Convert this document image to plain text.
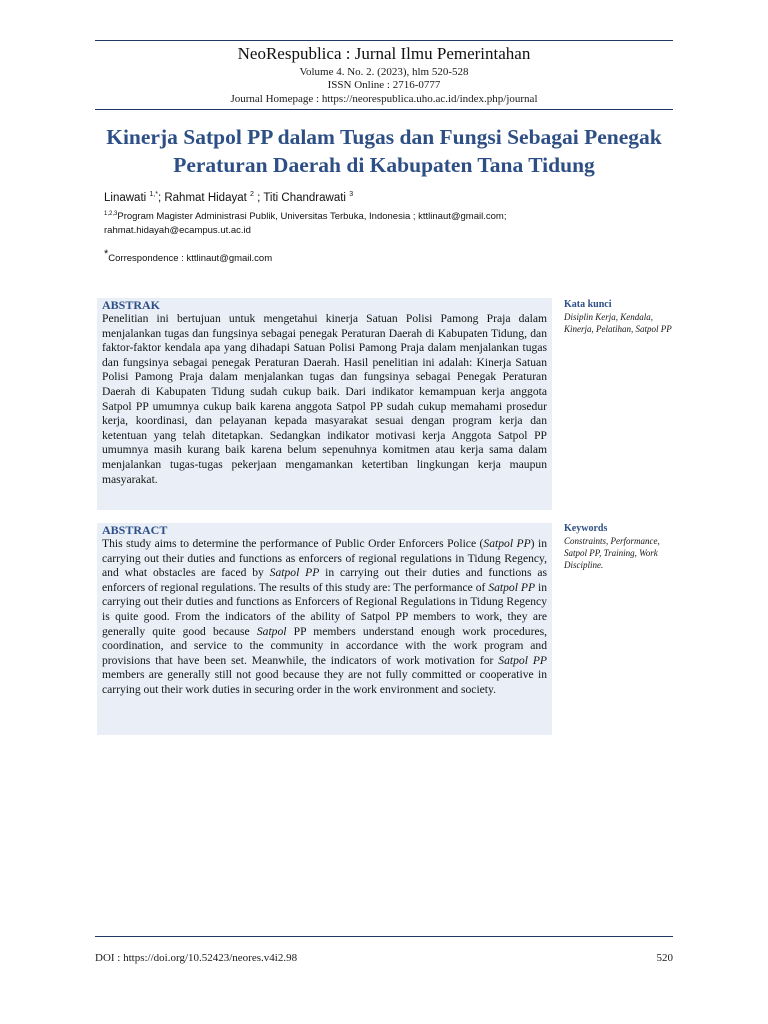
NeoRespublica : Jurnal Ilmu Pemerintahan
Volume 4. No. 2. (2023), hlm 520-528
ISSN Online : 2716-0777
Journal Homepage : https://neorespublica.uho.ac.id/index.php/journal
Kinerja Satpol PP dalam Tugas dan Fungsi Sebagai Penegak
Peraturan Daerah di Kabupaten Tana Tidung
Linawati $^{1,*}$; Rahmat Hidayat $^2$ ; Titi Chandrawati $^3$
$^{1,2,3}$Program Magister Administrasi Publik, Universitas Terbuka, Indonesia ; kttlinaut@gmail.com;
rahmat.hidayah@ecampus.ut.ac.id
*Correspondence : kttlinaut@gmail.com
ABSTRAK
Penelitian ini bertujuan untuk mengetahui kinerja Satuan Polisi Pamong Praja dalam menjalankan tugas dan fungsinya sebagai penegak Peraturan Daerah di Kabupaten Tidung, dan faktor-faktor kendala apa yang dihadapi Satuan Polisi Pamong Praja dalam menjalankan tugas dan fungsinya sebagai penegak Peraturan Daerah. Hasil penelitian ini adalah: Kinerja Satuan Polisi Pamong Praja dalam menjalankan tugas dan fungsinya sebagai Penegak Peraturan Daerah di Kabupaten Tidung sudah cukup baik. Dari indikator kemampuan kerja anggota Satpol PP umumnya cukup baik karena anggota Satpol PP sudah cukup memahami prosedur kerja, koordinasi, dan pelayanan kepada masyarakat sesuai dengan program kerja dan ketentuan yang telah ditetapkan. Sedangkan indikator motivasi kerja Anggota Satpol PP umumnya masih kurang baik karena belum sepenuhnya komitmen atau kerja sama dalam menjalankan tugas-tugas pekerjaan mengamankan ketertiban lingkungan kerja maupun masyarakat.
Kata kunci
Disiplin Kerja, Kendala, Kinerja, Pelatihan, Satpol PP
ABSTRACT
This study aims to determine the performance of Public Order Enforcers Police (Satpol PP) in carrying out their duties and functions as enforcers of regional regulations in Tidung Regency, and what obstacles are faced by Satpol PP in carrying out their duties and functions as enforcers of regional regulations. The results of this study are: The performance of Satpol PP in carrying out their duties and functions as Enforcers of Regional Regulations in Tidung Regency is quite good. From the indicators of the ability of Satpol PP members to work, they are generally quite good because Satpol PP members understand enough work procedures, coordination, and service to the community in accordance with the work program and provisions that have been set. Meanwhile, the indicators of work motivation for Satpol PP members are generally still not good because they are not fully committed or cooperative in carrying out their work duties in securing order in the work environment and society.
Keywords
Constraints, Performance, Satpol PP, Training, Work Discipline.
DOI : https://doi.org/10.52423/neores.v4i2.98	520
